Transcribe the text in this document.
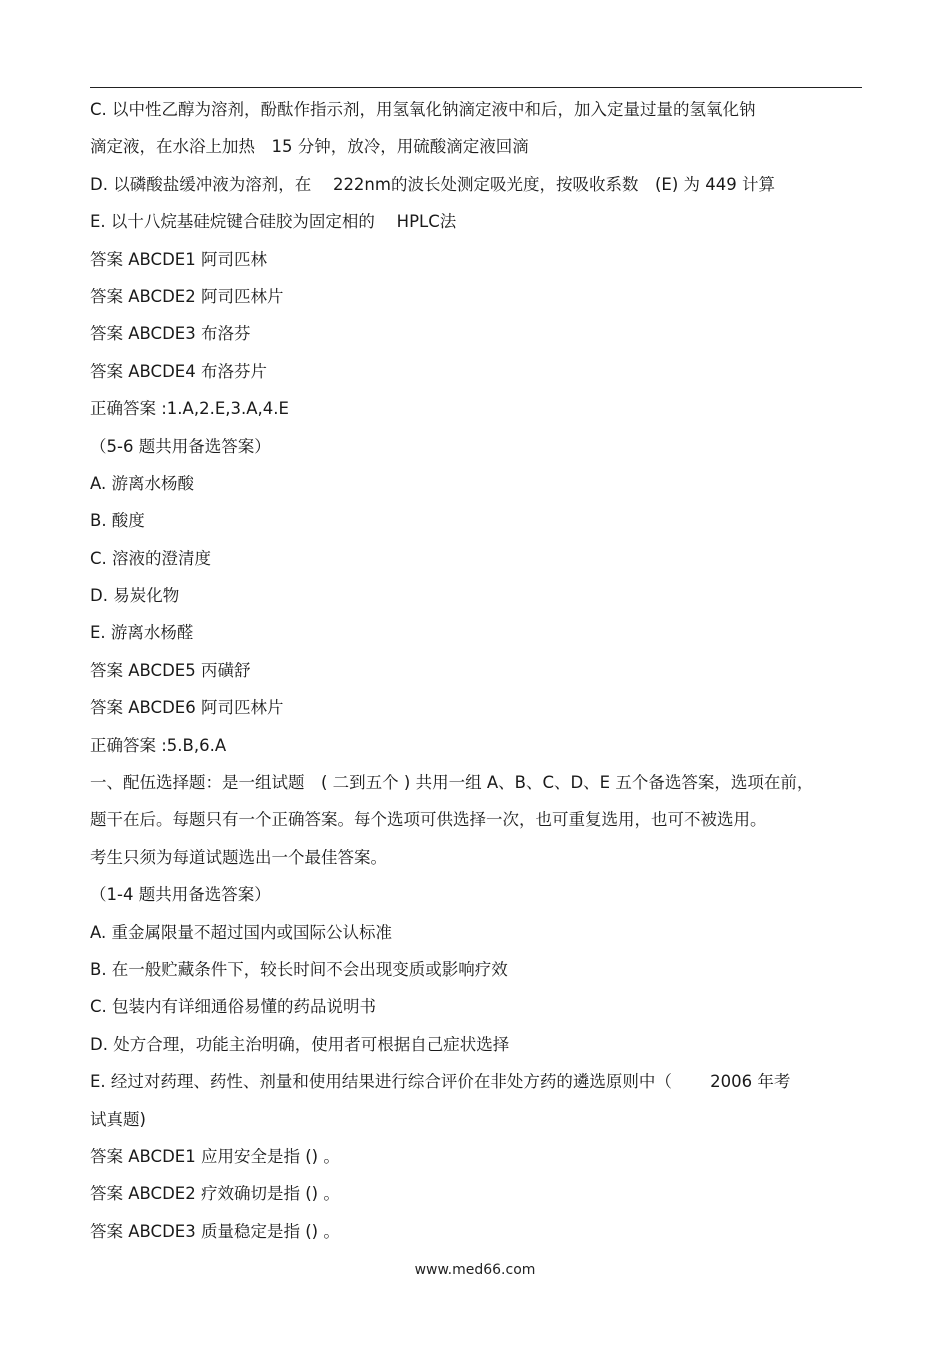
C. 以中性乙醇为溶剂，酚酞作指示剂，用氢氧化钠滴定液中和后，加入定量过量的氢氧化钠
滴定液，在水浴上加热　15 分钟，放冷，用硫酸滴定液回滴
D. 以磷酸盐缓冲液为溶剂，在　 222nm的波长处测定吸光度，按吸收系数　(E) 为 449 计算
E. 以十八烷基硅烷键合硅胶为固定相的　 HPLC法
答案 ABCDE1 阿司匹林
答案 ABCDE2 阿司匹林片
答案 ABCDE3 布洛芬
答案 ABCDE4 布洛芬片
正确答案 :1.A,2.E,3.A,4.E
（5-6 题共用备选答案）
A. 游离水杨酸
B. 酸度
C. 溶液的澄清度
D. 易炭化物
E. 游离水杨醛
答案 ABCDE5 丙磺舒
答案 ABCDE6 阿司匹林片
正确答案 :5.B,6.A
一、配伍选择题：是一组试题　( 二到五个 ) 共用一组 A、B、C、D、E 五个备选答案，选项在前，
题干在后。每题只有一个正确答案。每个选项可供选择一次，也可重复选用，也可不被选用。
考生只须为每道试题选出一个最佳答案。
（1-4 题共用备选答案）
A. 重金属限量不超过国内或国际公认标准
B. 在一般贮藏条件下，较长时间不会出现变质或影响疗效
C. 包装内有详细通俗易懂的药品说明书
D. 处方合理，功能主治明确，使用者可根据自己症状选择
E. 经过对药理、药性、剂量和使用结果进行综合评价在非处方药的遴选原则中（　　 2006 年考
试真题)
答案 ABCDE1 应用安全是指 () 。
答案 ABCDE2 疗效确切是指 () 。
答案 ABCDE3 质量稳定是指 () 。
www.med66.com
